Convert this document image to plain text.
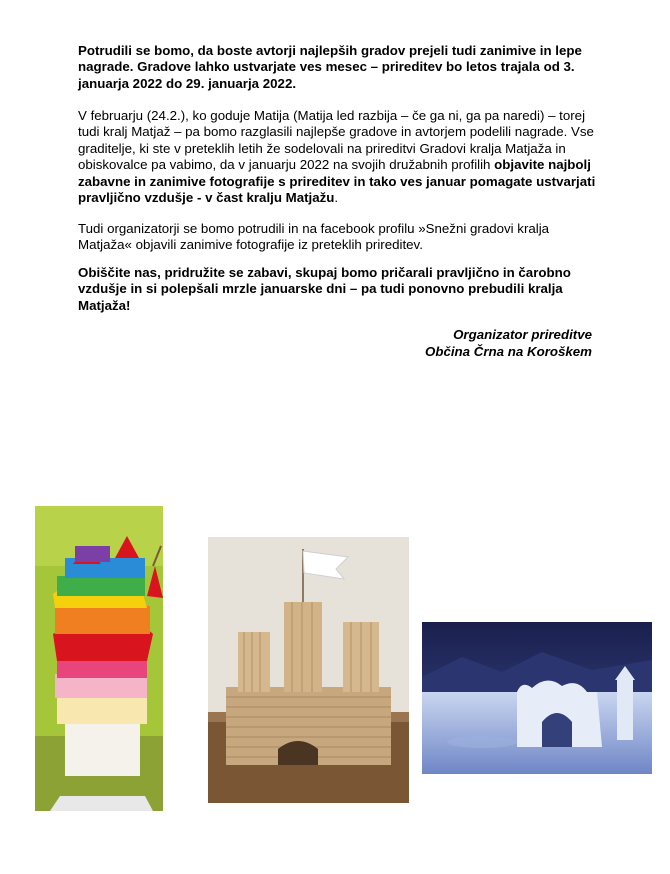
Potrudili se bomo, da boste avtorji najlepših gradov prejeli tudi zanimive in lepe nagrade. Gradove lahko ustvarjate ves mesec – prireditev bo letos trajala od 3. januarja 2022 do 29. januarja 2022.
V februarju (24.2.), ko goduje Matija (Matija led razbija – če ga ni, ga pa naredi) – torej tudi kralj Matjaž – pa bomo razglasili najlepše gradove in avtorjem podelili nagrade. Vse graditelje, ki ste v preteklih letih že sodelovali na prireditvi Gradovi kralja Matjaža in obiskovalce pa vabimo, da v januarju 2022 na svojih družabnih profilih objavite najbolj zabavne in zanimive fotografije s prireditev in tako ves januar pomagate ustvarjati pravljično vzdušje - v čast kralju Matjažu.
Tudi organizatorji se bomo potrudili in na facebook profilu »Snežni gradovi kralja Matjaža« objavili zanimive fotografije iz preteklih prireditev.
Obiščite nas, pridružite se zabavi, skupaj bomo pričarali pravljično in čarobno vzdušje in si polepšali mrzle januarske dni – pa tudi ponovno prebudili kralja Matjaža!
Organizator prireditve
Občina Črna na Koroškem
